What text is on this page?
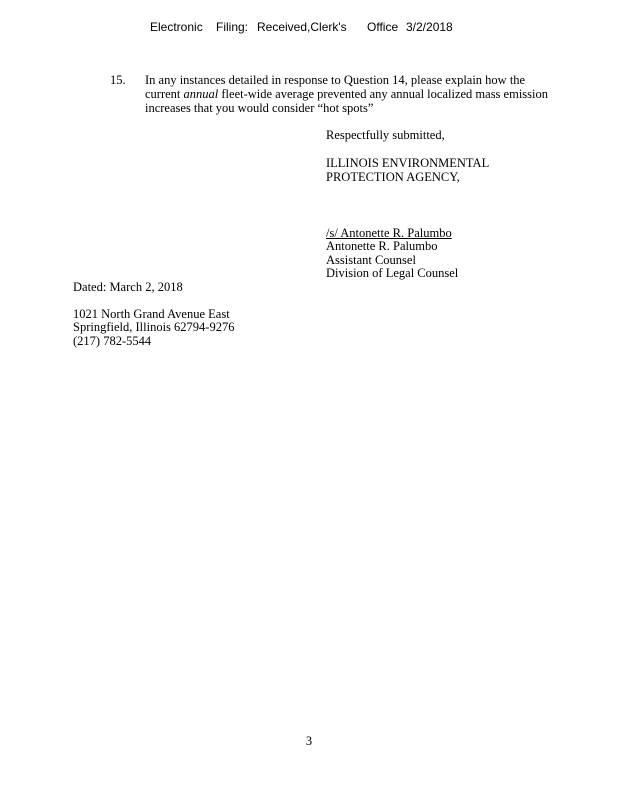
Electronic Filing: Received,Clerk's Office 3/2/2018
15. In any instances detailed in response to Question 14, please explain how the

current annual fleet-wide average prevented any annual localized mass emission

increases that you would consider “hot spots”

Respectfully submitted,
ILLINOIS ENVIRONMENTAL
PROTECTION AGENCY,
/s/ Antonette R. Palumbo
Antonette R. Palumbo
Assistant Counsel
Division of Legal Counsel
Dated: March 2, 2018
1021 North Grand Avenue East
Springfield, Illinois 62794-9276
(217) 782-5544
3
